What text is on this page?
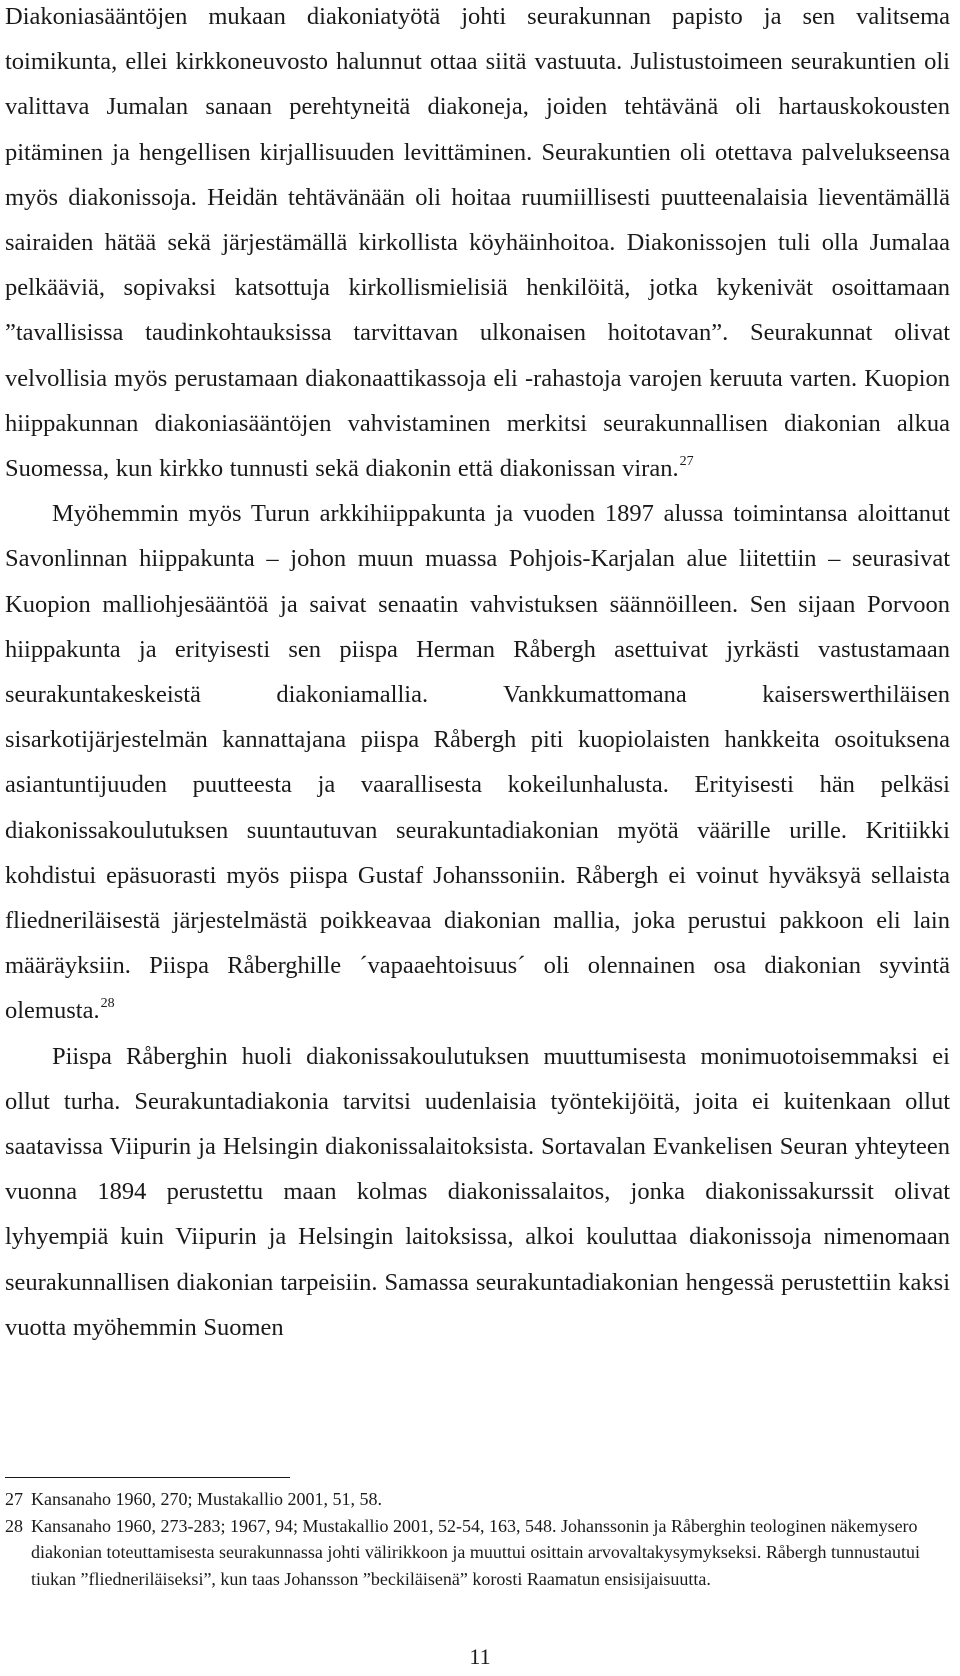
Diakoniasääntöjen mukaan diakoniatyötä johti seurakunnan papisto ja sen valitsema toimikunta, ellei kirkkoneuvosto halunnut ottaa siitä vastuuta. Julistustoimeen seurakuntien oli valittava Jumalan sanaan perehtyneitä diakoneja, joiden tehtävänä oli hartauskokousten pitäminen ja hengellisen kirjallisuuden levittäminen. Seurakuntien oli otettava palvelukseensa myös diakonissoja. Heidän tehtävänään oli hoitaa ruumiillisesti puutteenalaisia lieventämällä sairaiden hätää sekä järjestämällä kirkollista köyhäinhoitoa. Diakonissojen tuli olla Jumalaa pelkääviä, sopivaksi katsottuja kirkollismielisiä henkilöitä, jotka kykenivät osoittamaan ”tavallisissa taudinkohtauksissa tarvittavan ulkonaisen hoitotavan”. Seurakunnat olivat velvollisia myös perustamaan diakonaattikassoja eli -rahastoja varojen keruuta varten. Kuopion hiippakunnan diakoniasääntöjen vahvistaminen merkitsi seurakunnallisen diakonian alkua Suomessa, kun kirkko tunnusti sekä diakonin että diakonissan viran.$^{27}$

Myöhemmin myös Turun arkkihiippakunta ja vuoden 1897 alussa toimintansa aloittanut Savonlinnan hiippakunta – johon muun muassa Pohjois-Karjalan alue liitettiin – seurasivat Kuopion malliohjesääntöä ja saivat senaatin vahvistuksen säännöilleen. Sen sijaan Porvoon hiippakunta ja erityisesti sen piispa Herman Råbergh asettuivat jyrkästi vastustamaan seurakuntakeskeistä diakoniamallia. Vankkumattomana kaiserswerthiläisen sisarkotijärjestelmän kannattajana piispa Råbergh piti kuopiolaisten hankkeita osoituksena asiantuntijuuden puutteesta ja vaarallisesta kokeilunhalusta. Erityisesti hän pelkäsi diakonissakoulutuksen suuntautuvan seurakuntadiakonian myötä väärille urille. Kritiikki kohdistui epäsuorasti myös piispa Gustaf Johanssoniin. Råbergh ei voinut hyväksyä sellaista fliedneriläisestä järjestelmästä poikkeavaa diakonian mallia, joka perustui pakkoon eli lain määräyksiin. Piispa Råberghille ´vapaaehtoisuus´ oli olennainen osa diakonian syvintä olemusta.$^{28}$

Piispa Råberghin huoli diakonissakoulutuksen muuttumisesta monimuotoisemmaksi ei ollut turha. Seurakuntadiakonia tarvitsi uudenlaisia työntekijöitä, joita ei kuitenkaan ollut saatavissa Viipurin ja Helsingin diakonissalaitoksista. Sortavalan Evankelisen Seuran yhteyteen vuonna 1894 perustettu maan kolmas diakonissalaitos, jonka diakonissakurssit olivat lyhyempiä kuin Viipurin ja Helsingin laitoksissa, alkoi kouluttaa diakonissoja nimenomaan seurakunnallisen diakonian tarpeisiin. Samassa seurakuntadiakonian hengessä perustettiin kaksi vuotta myöhemmin Suomen

27 Kansanaho 1960, 270; Mustakallio 2001, 51, 58.
28 Kansanaho 1960, 273-283; 1967, 94; Mustakallio 2001, 52-54, 163, 548. Johanssonin ja Råberghin teologinen näkemysero diakonian toteuttamisesta seurakunnassa johti välirikkoon ja muuttui osittain arvovaltakysymykseksi. Råbergh tunnustautui tiukan ”fliedneriläiseksi”, kun taas Johansson ”beckiläisenä” korosti Raamatun ensisijaisuutta.
11
